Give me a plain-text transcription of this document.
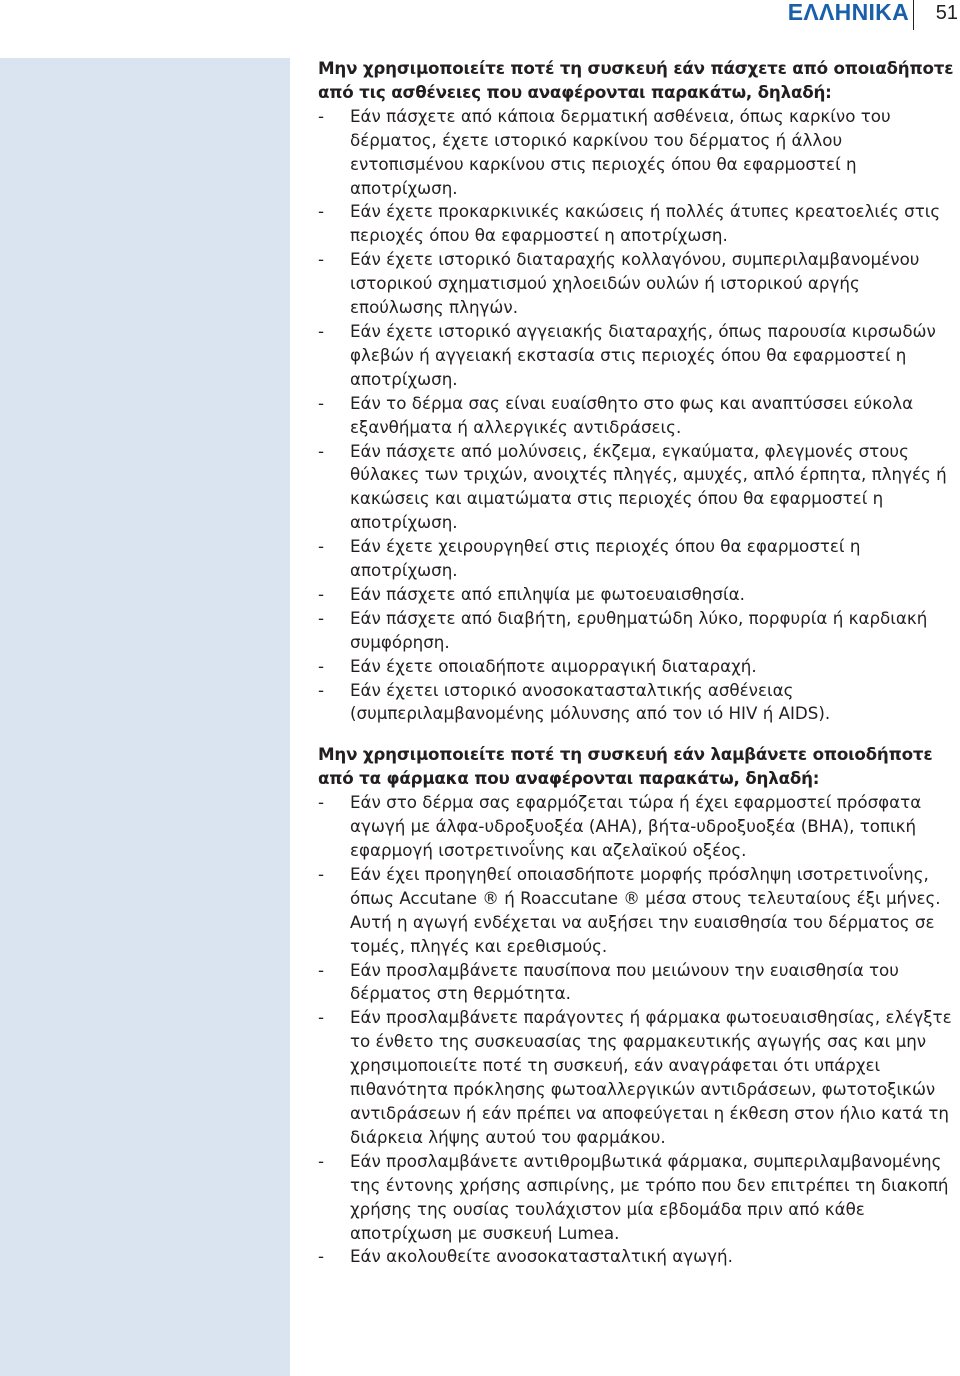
ΕΛΛΗΝΙΚΑ	51

Μην χρησιμοποιείτε ποτέ τη συσκευή εάν πάσχετε από οποιαδήποτε από τις ασθένειες που αναφέρονται παρακάτω, δηλαδή:

- Εάν πάσχετε από κάποια δερματική ασθένεια, όπως καρκίνο του δέρματος, έχετε ιστορικό καρκίνου του δέρματος ή άλλου εντοπισμένου καρκίνου στις περιοχές όπου θα εφαρμοστεί η αποτρίχωση.
- Εάν έχετε προκαρκινικές κακώσεις ή πολλές άτυπες κρεατοελιές στις περιοχές όπου θα εφαρμοστεί η αποτρίχωση.
- Εάν έχετε ιστορικό διαταραχής κολλαγόνου, συμπεριλαμβανομένου ιστορικού σχηματισμού χηλοειδών ουλών ή ιστορικού αργής επούλωσης πληγών.
- Εάν έχετε ιστορικό αγγειακής διαταραχής, όπως παρουσία κιρσωδών φλεβών ή αγγειακή εκστασία στις περιοχές όπου θα εφαρμοστεί η αποτρίχωση.
- Εάν το δέρμα σας είναι ευαίσθητο στο φως και αναπτύσσει εύκολα εξανθήματα ή αλλεργικές αντιδράσεις.
- Εάν πάσχετε από μολύνσεις, έκζεμα, εγκαύματα, φλεγμονές στους θύλακες των τριχών, ανοιχτές πληγές, αμυχές, απλό έρπητα, πληγές ή κακώσεις και αιματώματα στις περιοχές όπου θα εφαρμοστεί η αποτρίχωση.
- Εάν έχετε χειρουργηθεί στις περιοχές όπου θα εφαρμοστεί η αποτρίχωση.
- Εάν πάσχετε από επιληψία με φωτοευαισθησία.
- Εάν πάσχετε από διαβήτη, ερυθηματώδη λύκο, πορφυρία ή καρδιακή συμφόρηση.
- Εάν έχετε οποιαδήποτε αιμορραγική διαταραχή.
- Εάν έχετει ιστορικό ανοσοκατασταλτικής ασθένειας (συμπεριλαμβανομένης μόλυνσης από τον ιό HIV ή AIDS).

Μην χρησιμοποιείτε ποτέ τη συσκευή εάν λαμβάνετε οποιοδήποτε από τα φάρμακα που αναφέρονται παρακάτω, δηλαδή:

- Εάν στο δέρμα σας εφαρμόζεται τώρα ή έχει εφαρμοστεί πρόσφατα αγωγή με άλφα-υδροξυοξέα (AHA), βήτα-υδροξυοξέα (BHA), τοπική εφαρμογή ισοτρετινοΐνης και αζελαϊκού οξέος.
- Εάν έχει προηγηθεί οποιασδήποτε μορφής πρόσληψη ισοτρετινοΐνης, όπως Accutane ® ή Roaccutane ® μέσα στους τελευταίους έξι μήνες. Αυτή η αγωγή ενδέχεται να αυξήσει την ευαισθησία του δέρματος σε τομές, πληγές και ερεθισμούς.
- Εάν προσλαμβάνετε παυσίπονα που μειώνουν την ευαισθησία του δέρματος στη θερμότητα.
- Εάν προσλαμβάνετε παράγοντες ή φάρμακα φωτοευαισθησίας, ελέγξτε το ένθετο της συσκευασίας της φαρμακευτικής αγωγής σας και μην χρησιμοποιείτε ποτέ τη συσκευή, εάν αναγράφεται ότι υπάρχει πιθανότητα πρόκλησης φωτοαλλεργικών αντιδράσεων, φωτοτοξικών αντιδράσεων ή εάν πρέπει να αποφεύγεται η έκθεση στον ήλιο κατά τη διάρκεια λήψης αυτού του φαρμάκου.
- Εάν προσλαμβάνετε αντιθρομβωτικά φάρμακα, συμπεριλαμβανομένης της έντονης χρήσης ασπιρίνης, με τρόπο που δεν επιτρέπει τη διακοπή χρήσης της ουσίας τουλάχιστον μία εβδομάδα πριν από κάθε αποτρίχωση με συσκευή Lumea.
- Εάν ακολουθείτε ανοσοκατασταλτική αγωγή.
